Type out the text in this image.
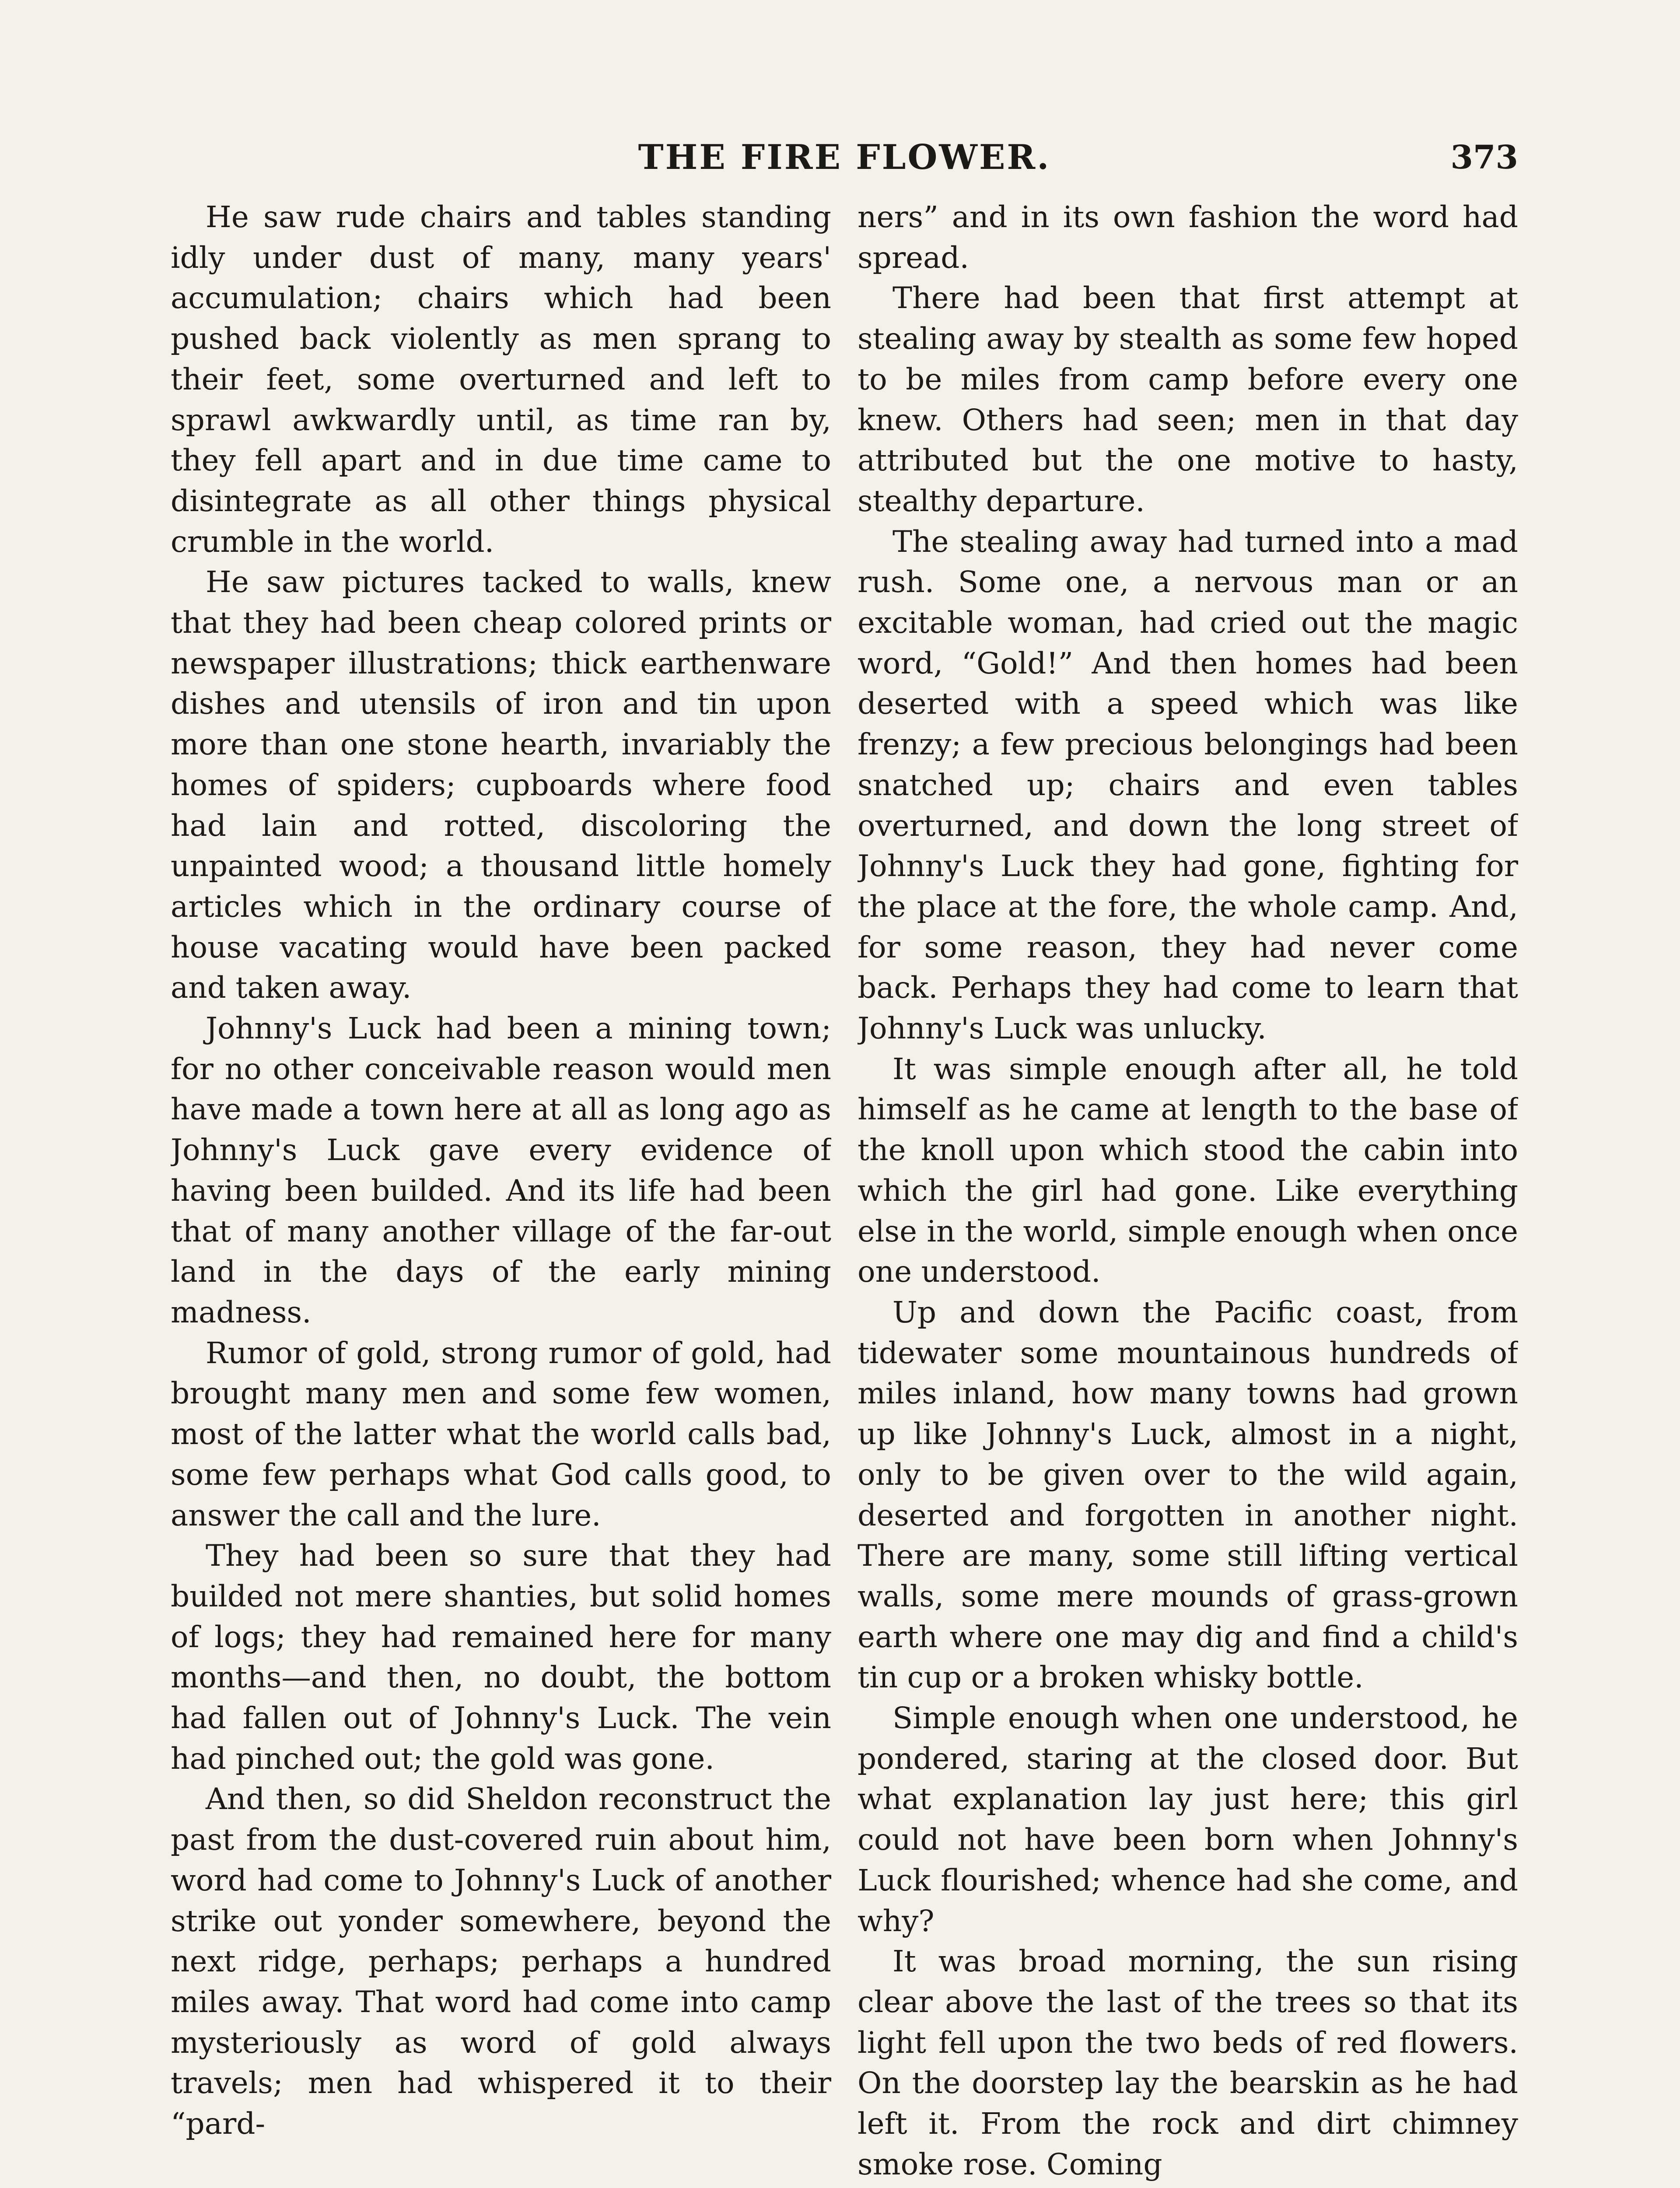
THE FIRE FLOWER.	373

He saw rude chairs and tables standing idly under dust of many, many years' accumulation; chairs which had been pushed back violently as men sprang to their feet, some overturned and left to sprawl awkwardly until, as time ran by, they fell apart and in due time came to disintegrate as all other things physical crumble in the world.

He saw pictures tacked to walls, knew that they had been cheap colored prints or newspaper illustrations; thick earthenware dishes and utensils of iron and tin upon more than one stone hearth, invariably the homes of spiders; cupboards where food had lain and rotted, discoloring the unpainted wood; a thousand little homely articles which in the ordinary course of house vacating would have been packed and taken away.

Johnny's Luck had been a mining town; for no other conceivable reason would men have made a town here at all as long ago as Johnny's Luck gave every evidence of having been builded. And its life had been that of many another village of the far-out land in the days of the early mining madness.

Rumor of gold, strong rumor of gold, had brought many men and some few women, most of the latter what the world calls bad, some few perhaps what God calls good, to answer the call and the lure.

They had been so sure that they had builded not mere shanties, but solid homes of logs; they had remained here for many months—and then, no doubt, the bottom had fallen out of Johnny's Luck. The vein had pinched out; the gold was gone.

And then, so did Sheldon reconstruct the past from the dust-covered ruin about him, word had come to Johnny's Luck of another strike out yonder somewhere, beyond the next ridge, perhaps; perhaps a hundred miles away. That word had come into camp mysteriously as word of gold always travels; men had whispered it to their “pard-

ners” and in its own fashion the word had spread.

There had been that first attempt at stealing away by stealth as some few hoped to be miles from camp before every one knew. Others had seen; men in that day attributed but the one motive to hasty, stealthy departure.

The stealing away had turned into a mad rush. Some one, a nervous man or an excitable woman, had cried out the magic word, “Gold!” And then homes had been deserted with a speed which was like frenzy; a few precious belongings had been snatched up; chairs and even tables overturned, and down the long street of Johnny's Luck they had gone, fighting for the place at the fore, the whole camp. And, for some reason, they had never come back. Perhaps they had come to learn that Johnny's Luck was unlucky.

It was simple enough after all, he told himself as he came at length to the base of the knoll upon which stood the cabin into which the girl had gone. Like everything else in the world, simple enough when once one understood.

Up and down the Pacific coast, from tidewater some mountainous hundreds of miles inland, how many towns had grown up like Johnny's Luck, almost in a night, only to be given over to the wild again, deserted and forgotten in another night. There are many, some still lifting vertical walls, some mere mounds of grass-grown earth where one may dig and find a child's tin cup or a broken whisky bottle.

Simple enough when one understood, he pondered, staring at the closed door. But what explanation lay just here; this girl could not have been born when Johnny's Luck flourished; whence had she come, and why?

It was broad morning, the sun rising clear above the last of the trees so that its light fell upon the two beds of red flowers. On the doorstep lay the bearskin as he had left it. From the rock and dirt chimney smoke rose. Coming
